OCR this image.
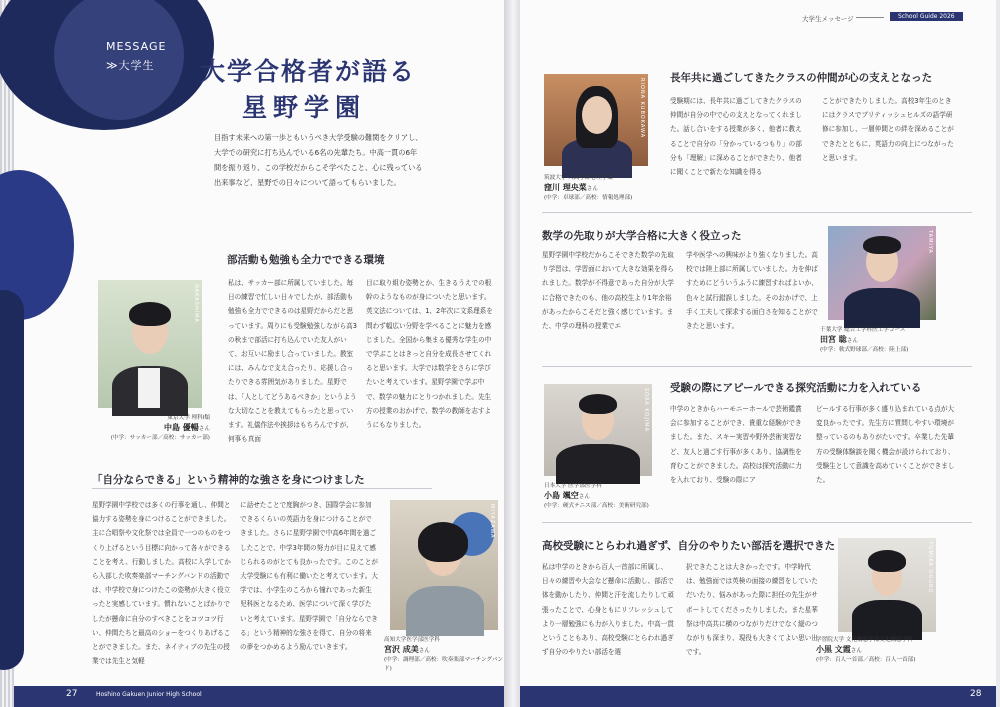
MESSAGE
≫大学生	大学合格者が語る
星野学園
目指す未来への第一歩ともいうべき大学受験の難関をクリアし、大学での研究に打ち込んでいる6名の先輩たち。中高一貫の6年間を振り返り、この学校だからこそ学べたこと、心に残っている出来事など、星野での日々について語ってもらいました。
部活動も勉強も全力でできる環境
NAKASHIMA
東京大学 理科Ⅰ類
中島 優暢さん
(中学：サッカー部／高校：サッカー部)
私は、サッカー部に所属していました。毎日の練習で忙しい日々でしたが、部活動も勉強も全力でできるのは星野だからだと思っています。周りにも受験勉強しながら高3の秋まで部活に打ち込んでいた友人がいて、お互いに励まし合っていました。教室には、みんなで支え合ったり、応援し合ったりできる雰囲気がありました。星野では、「人としてどうあるべきか」というような大切なことを教えてもらったと思っています。礼儀作法や挨拶はもちろんですが、何事も真面
目に取り組む姿勢とか、生きるうえでの根幹のようなものが身についたと思います。英文法については、1、2年次に文系理系を問わず幅広い分野を学べることに魅力を感じました。全国から集まる優秀な学生の中で学ぶことはきっと自分を成長させてくれると思います。大学では数学をさらに学びたいと考えています。星野学園で学ぶ中で、数学の魅力にとりつかれました。先生方の授業のおかげで、数学の教師を志すようにもなりました。
「自分ならできる」という精神的な強さを身につけました
星野学園中学校では多くの行事を通し、仲間と協力する姿勢を身につけることができました。主に合唱祭や文化祭では全員で一つのものをつくり上げるという目標に向かって各々ができることを考え、行動しました。高校に入学してから入部した吹奏楽部マーチングバンドの活動では、中学校で身につけたこの姿勢が大きく役立ったと実感しています。慣れないことばかりでしたが懸命に自分のすべきことをコツコツ行い、仲間たちと最高のショーをつくりあげることができました。また、ネイティブの先生の授業では先生と気軽
に話せたことで度胸がつき、国際学会に参加できるくらいの英語力を身につけることができました。さらに星野学園で中高6年間を過ごしたことで、中学3年間の努力が目に見えて感じられるのがとても良かったです。このことが大学受験にも有利に働いたと考えています。大学では、小学生のころから憧れであった新生児科医となるため、医学について深く学びたいと考えています。星野学園で「自分ならできる」という精神的な強さを得て、自分の将来の夢をつかめるよう励んでいきます。
MIYAZAWA
高知大学医学部医学科
宮沢 成美さん
(中学：調理部／高校：吹奏楽部マーチングバンド)
27	Hoshino Gakuen Junior High School
大学生メッセージ	School Guide 2026
RIONA KUBOKAWA
筑波大学 人間学群心理学類
窪川 理央菜さん
(中学：卓球部／高校：情報処理部)
長年共に過ごしてきたクラスの仲間が心の支えとなった
受験期には、長年共に過ごしてきたクラスの仲間が自分の中で心の支えとなってくれました。話し合いをする授業が多く、他者に教えることで自分の「分かっているつもり」の部分も「理解」に深めることができたり、他者に聞くことで新たな知識を得る
ことができたりしました。高校3年生のときにはクラスでブリティッシュヒルズの語学研修に参加し、一層仲間との絆を深めることができたとともに、英語力の向上につながったと思います。
数学の先取りが大学合格に大きく役立った
星野学園中学校だからこそできた数学の先取り学習は、学習面において大きな効果を得られました。数学が不得意であった自分が大学に合格できたのも、他の高校生より1年余裕があったからこそだと強く感じています。また、中学の理科の授業でエ
学や医学への興味がより強くなりました。高校では陸上部に所属していました。力を伸ばすためにどういうふうに練習すればよいか、色々と試行錯誤しました。そのおかげで、上手く工夫して探求する面白さを知ることができたと思います。
TAMIYA
千葉大学 総合工学科医工学コース
田宮 聡さん
(中学：軟式野球部／高校：陸上部)
SORA KOJIMA
日本大学 医学部医学科
小島 颯空さん
(中学：硬式テニス部／高校：美術研究部)
受験の際にアピールできる探究活動に力を入れている
中学のときからハーモニーホールで芸術鑑賞会に参加することができ、貴重な経験ができました。また、スキー実習や野外芸術実習など、友人と過ごす行事が多くあり、協調性を育むことができました。高校は探究活動に力を入れており、受験の際にア
ピールする行事が多く盛り込まれている点が大変良かったです。先生方に質問しやすい環境が整っているのもありがたいです。卒業した先輩方の受験体験談を聞く機会が設けられており、受験生として意識を高めていくことができました。
高校受験にとらわれ過ぎず、自分のやりたい部活を選択できた
私は中学のときから百人一首部に所属し、日々の練習や大会など懸命に活動し、部活で体を動かしたり、仲間と汗を流したりして頑張ったことで、心身ともにリフレッシュしてより一層勉強にも力が入りました。中高一貫ということもあり、高校受験にとらわれ過ぎず自分のやりたい部活を選
択できたことは大きかったです。中学時代は、勉強面では英検の面接の練習をしていただいたり、悩みがあった際に担任の先生がサポートしてくださったりしました。また星華祭は中高共に横のつながりだけでなく縦のつながりも深まり、現役も大きくてよい思い出です。
FUMIKA OGURO
学習院大学 文化構想学部文化構想学科
小黒 文霞さん
(中学：百人一首部／高校：百人一首部)
28
